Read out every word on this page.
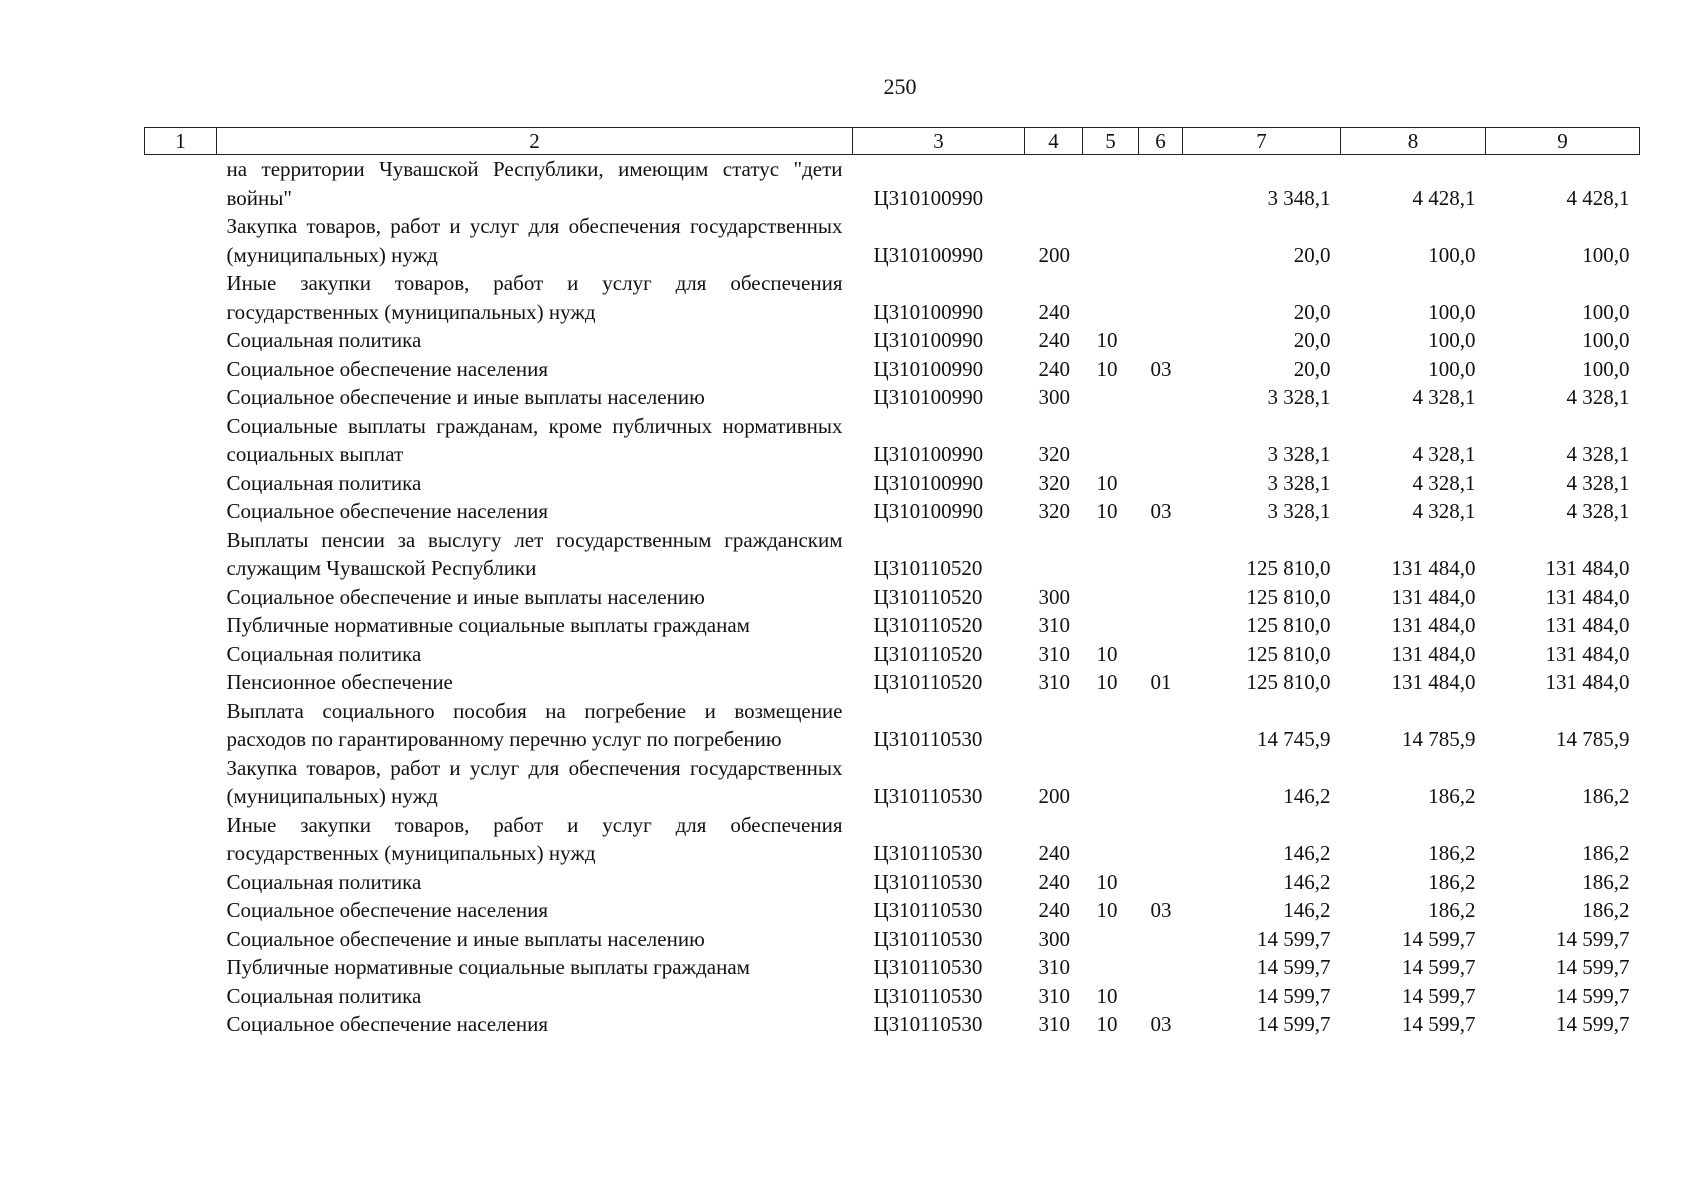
250
1	2	3	4	5	6	7	8	9
	на территории Чувашской Республики, имеющим статус "дети войны"	Ц310100990				3 348,1	4 428,1	4 428,1
	Закупка товаров, работ и услуг для обеспечения государственных (муниципальных) нужд	Ц310100990	200			20,0	100,0	100,0
	Иные закупки товаров, работ и услуг для обеспечения государственных (муниципальных) нужд	Ц310100990	240			20,0	100,0	100,0
	Социальная политика	Ц310100990	240	10		20,0	100,0	100,0
	Социальное обеспечение населения	Ц310100990	240	10	03	20,0	100,0	100,0
	Социальное обеспечение и иные выплаты населению	Ц310100990	300			3 328,1	4 328,1	4 328,1
	Социальные выплаты гражданам, кроме публичных нормативных социальных выплат	Ц310100990	320			3 328,1	4 328,1	4 328,1
	Социальная политика	Ц310100990	320	10		3 328,1	4 328,1	4 328,1
	Социальное обеспечение населения	Ц310100990	320	10	03	3 328,1	4 328,1	4 328,1
	Выплаты пенсии за выслугу лет государственным гражданским служащим Чувашской Республики	Ц310110520				125 810,0	131 484,0	131 484,0
	Социальное обеспечение и иные выплаты населению	Ц310110520	300			125 810,0	131 484,0	131 484,0
	Публичные нормативные социальные выплаты гражданам	Ц310110520	310			125 810,0	131 484,0	131 484,0
	Социальная политика	Ц310110520	310	10		125 810,0	131 484,0	131 484,0
	Пенсионное обеспечение	Ц310110520	310	10	01	125 810,0	131 484,0	131 484,0
	Выплата социального пособия на погребение и возмещение расходов по гарантированному перечню услуг по погребению	Ц310110530				14 745,9	14 785,9	14 785,9
	Закупка товаров, работ и услуг для обеспечения государственных (муниципальных) нужд	Ц310110530	200			146,2	186,2	186,2
	Иные закупки товаров, работ и услуг для обеспечения государственных (муниципальных) нужд	Ц310110530	240			146,2	186,2	186,2
	Социальная политика	Ц310110530	240	10		146,2	186,2	186,2
	Социальное обеспечение населения	Ц310110530	240	10	03	146,2	186,2	186,2
	Социальное обеспечение и иные выплаты населению	Ц310110530	300			14 599,7	14 599,7	14 599,7
	Публичные нормативные социальные выплаты гражданам	Ц310110530	310			14 599,7	14 599,7	14 599,7
	Социальная политика	Ц310110530	310	10		14 599,7	14 599,7	14 599,7
	Социальное обеспечение населения	Ц310110530	310	10	03	14 599,7	14 599,7	14 599,7
